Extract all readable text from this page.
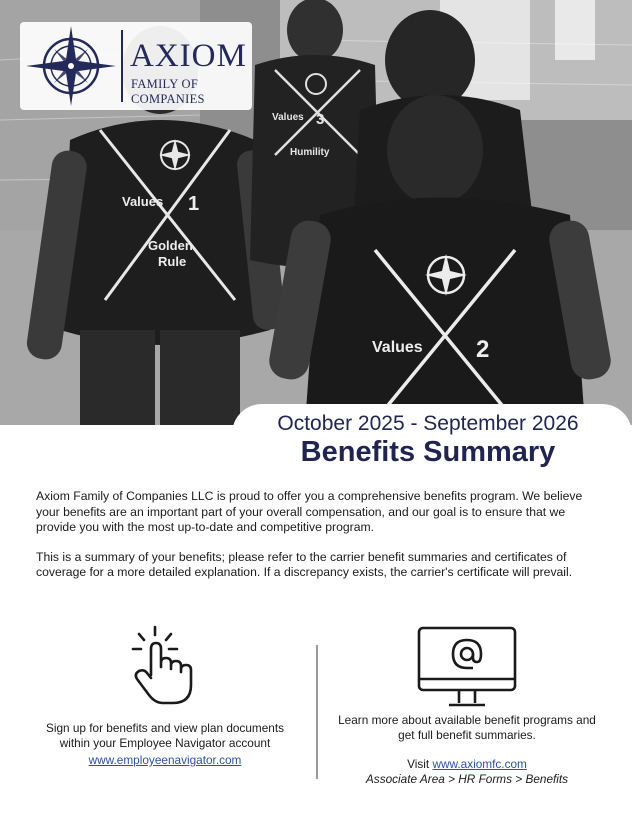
Values 1
Golden
Rule
Values 2
Values 3
Humility
AXIOM
FAMILY OF COMPANIES
October 2025 - September 2026
Benefits Summary

Axiom Family of Companies LLC is proud to offer you a comprehensive benefits program. We believe your benefits are an important part of your overall compensation, and our goal is to ensure that we provide you with the most up-to-date and competitive program.

This is a summary of your benefits; please refer to the carrier benefit summaries and certificates of coverage for a more detailed explanation. If a discrepancy exists, the carrier's certificate will prevail.

Sign up for benefits and view plan documents within your Employee Navigator account

www.employeenavigator.com

Learn more about available benefit programs and get full benefit summaries.

Visit www.axiomfc.com

Associate Area > HR Forms > Benefits
